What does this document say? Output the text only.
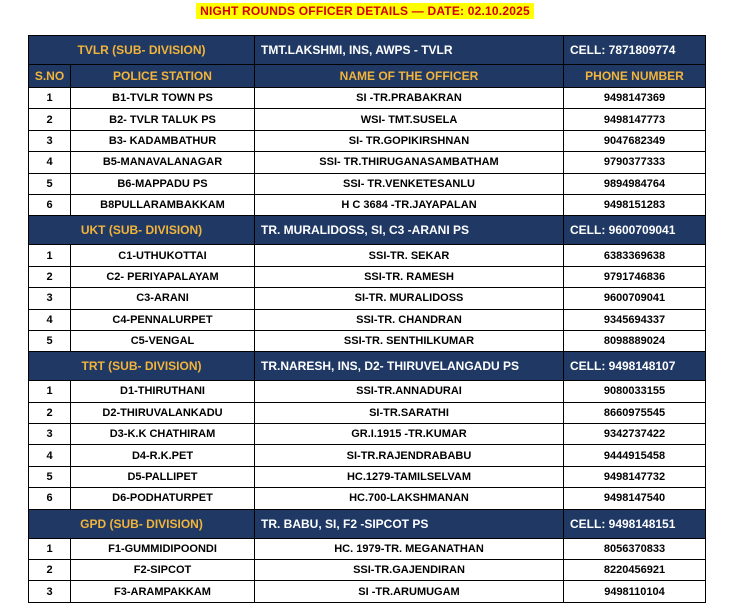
NIGHT ROUNDS OFFICER DETAILS — DATE: 02.10.2025
TVLR (SUB- DIVISION)		TMT.LAKSHMI, INS, AWPS - TVLR	CELL: 7871809774
S.NO	POLICE STATION	NAME OF THE OFFICER	PHONE NUMBER
1	B1-TVLR TOWN PS	SI -TR.PRABAKRAN	9498147369
2	B2- TVLR TALUK PS	WSI- TMT.SUSELA	9498147773
3	B3- KADAMBATHUR	SI- TR.GOPIKIRSHNAN	9047682349
4	B5-MANAVALANAGAR	SSI- TR.THIRUGANASAMBATHAM	9790377333
5	B6-MAPPADU PS	SSI- TR.VENKETESANLU	9894984764
6	B8PULLARAMBAKKAM	H C 3684 -TR.JAYAPALAN	9498151283
UKT (SUB- DIVISION)		TR. MURALIDOSS, SI, C3 -ARANI PS	CELL: 9600709041
1	C1-UTHUKOTTAI	SSI-TR. SEKAR	6383369638
2	C2- PERIYAPALAYAM	SSI-TR. RAMESH	9791746836
3	C3-ARANI	SI-TR. MURALIDOSS	9600709041
4	C4-PENNALURPET	SSI-TR. CHANDRAN	9345694337
5	C5-VENGAL	SSI-TR. SENTHILKUMAR	8098889024
TRT (SUB- DIVISION)		TR.NARESH, INS, D2- THIRUVELANGADU PS	CELL: 9498148107
1	D1-THIRUTHANI	SSI-TR.ANNADURAI	9080033155
2	D2-THIRUVALANKADU	SI-TR.SARATHI	8660975545
3	D3-K.K CHATHIRAM	GR.I.1915 -TR.KUMAR	9342737422
4	D4-R.K.PET	SI-TR.RAJENDRABABU	9444915458
5	D5-PALLIPET	HC.1279-TAMILSELVAM	9498147732
6	D6-PODHATURPET	HC.700-LAKSHMANAN	9498147540
GPD (SUB- DIVISION)		TR. BABU, SI, F2 -SIPCOT PS	CELL: 9498148151
1	F1-GUMMIDIPOONDI	HC. 1979-TR. MEGANATHAN	8056370833
2	F2-SIPCOT	SSI-TR.GAJENDIRAN	8220456921
3	F3-ARAMPAKKAM	SI -TR.ARUMUGAM	9498110104
